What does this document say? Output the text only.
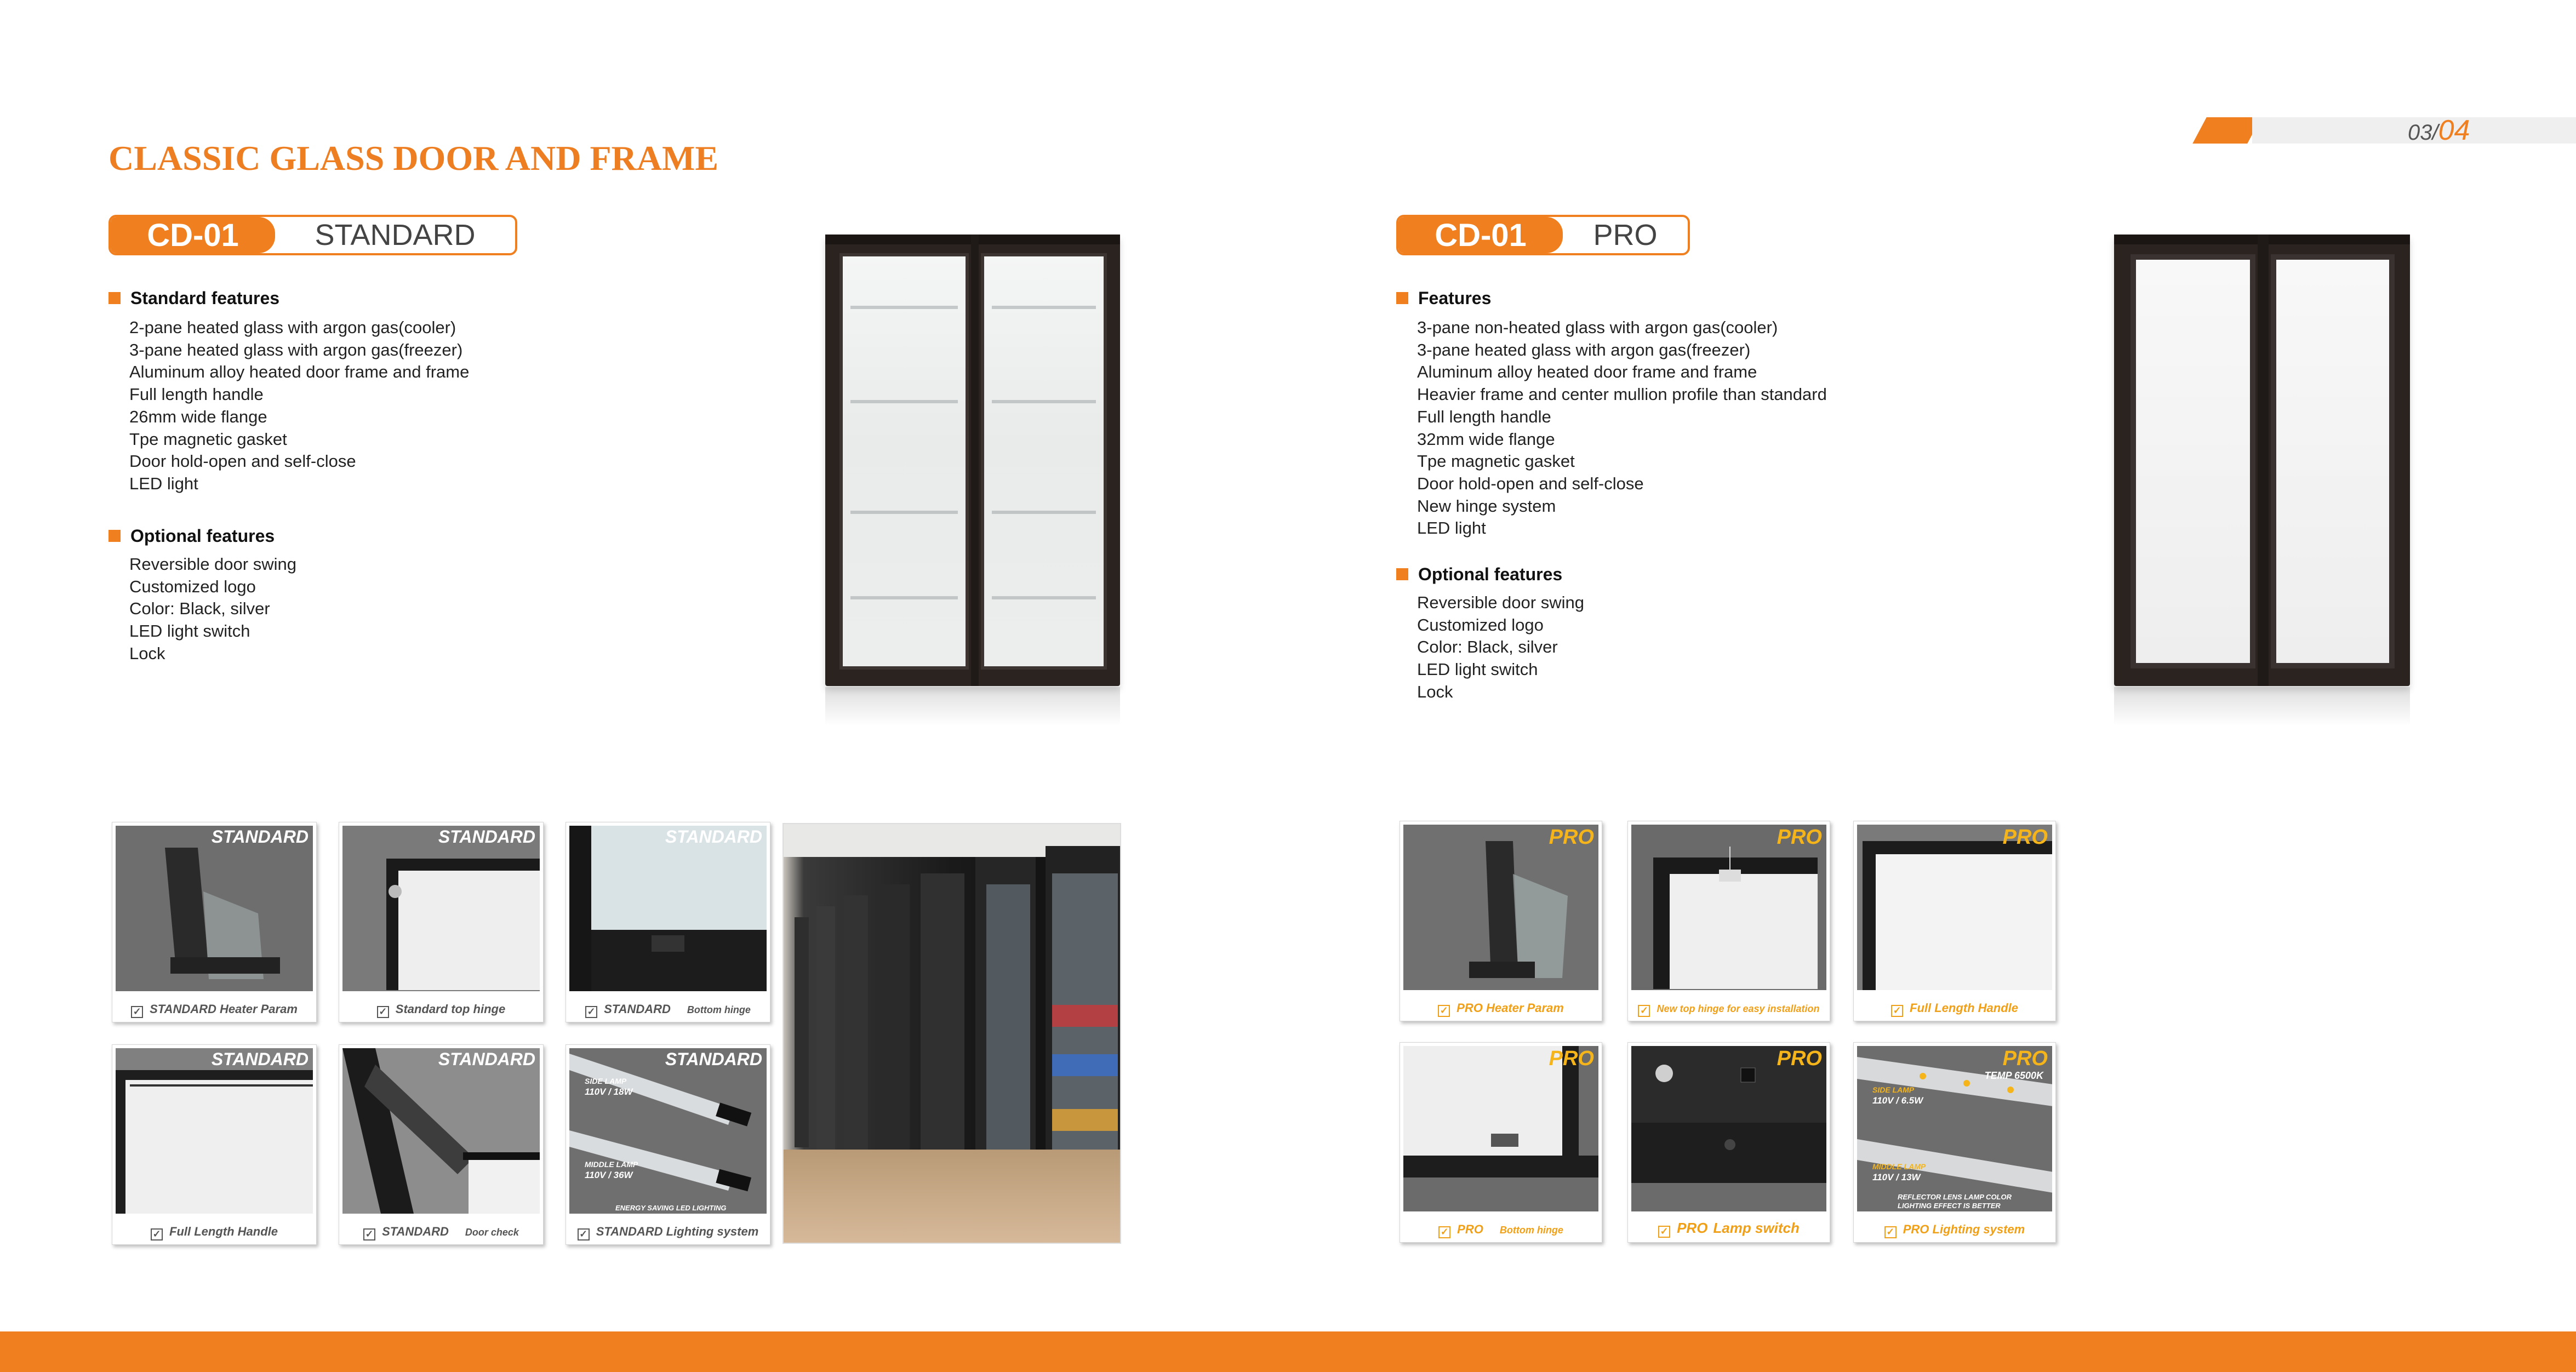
03/04
CLASSIC GLASS DOOR AND FRAME
CD-01	STANDARD
Standard features
2-pane heated glass with argon gas(cooler)
3-pane heated glass with argon gas(freezer)
Aluminum alloy heated door frame and frame
Full length handle
26mm wide flange
Tpe magnetic gasket
Door hold-open and self-close
LED light
Optional features
Reversible door swing
Customized logo
Color: Black, silver
LED light switch
Lock
STANDARD
✓ STANDARD Heater Param
STANDARD
✓ Standard top hinge
STANDARD
✓ STANDARD Bottom hinge
STANDARD
✓ Full Length Handle
STANDARD
✓ STANDARD Door check
STANDARD
SIDE LAMP
110V / 18W
MIDDLE LAMP
110V / 36W
ENERGY SAVING LED LIGHTING
✓ STANDARD Lighting system
CD-01	PRO
Features
3-pane non-heated glass with argon gas(cooler)
3-pane heated glass with argon gas(freezer)
Aluminum alloy heated door frame and frame
Heavier frame and center mullion profile than standard
Full length handle
32mm wide flange
Tpe magnetic gasket
Door hold-open and self-close
New hinge system
LED light
Optional features
Reversible door swing
Customized logo
Color: Black, silver
LED light switch
Lock
PRO
✓ PRO Heater Param
PRO
✓ New top hinge for easy installation
PRO
✓ Full Length Handle
PRO
✓ PRO Bottom hinge
PRO
✓ PRO Lamp switch
PRO
TEMP 6500K
SIDE LAMP
110V / 6.5W
MIDDLE LAMP
110V / 13W
REFLECTOR LENS LAMP COLOR
LIGHTING EFFECT IS BETTER
✓ PRO Lighting system
